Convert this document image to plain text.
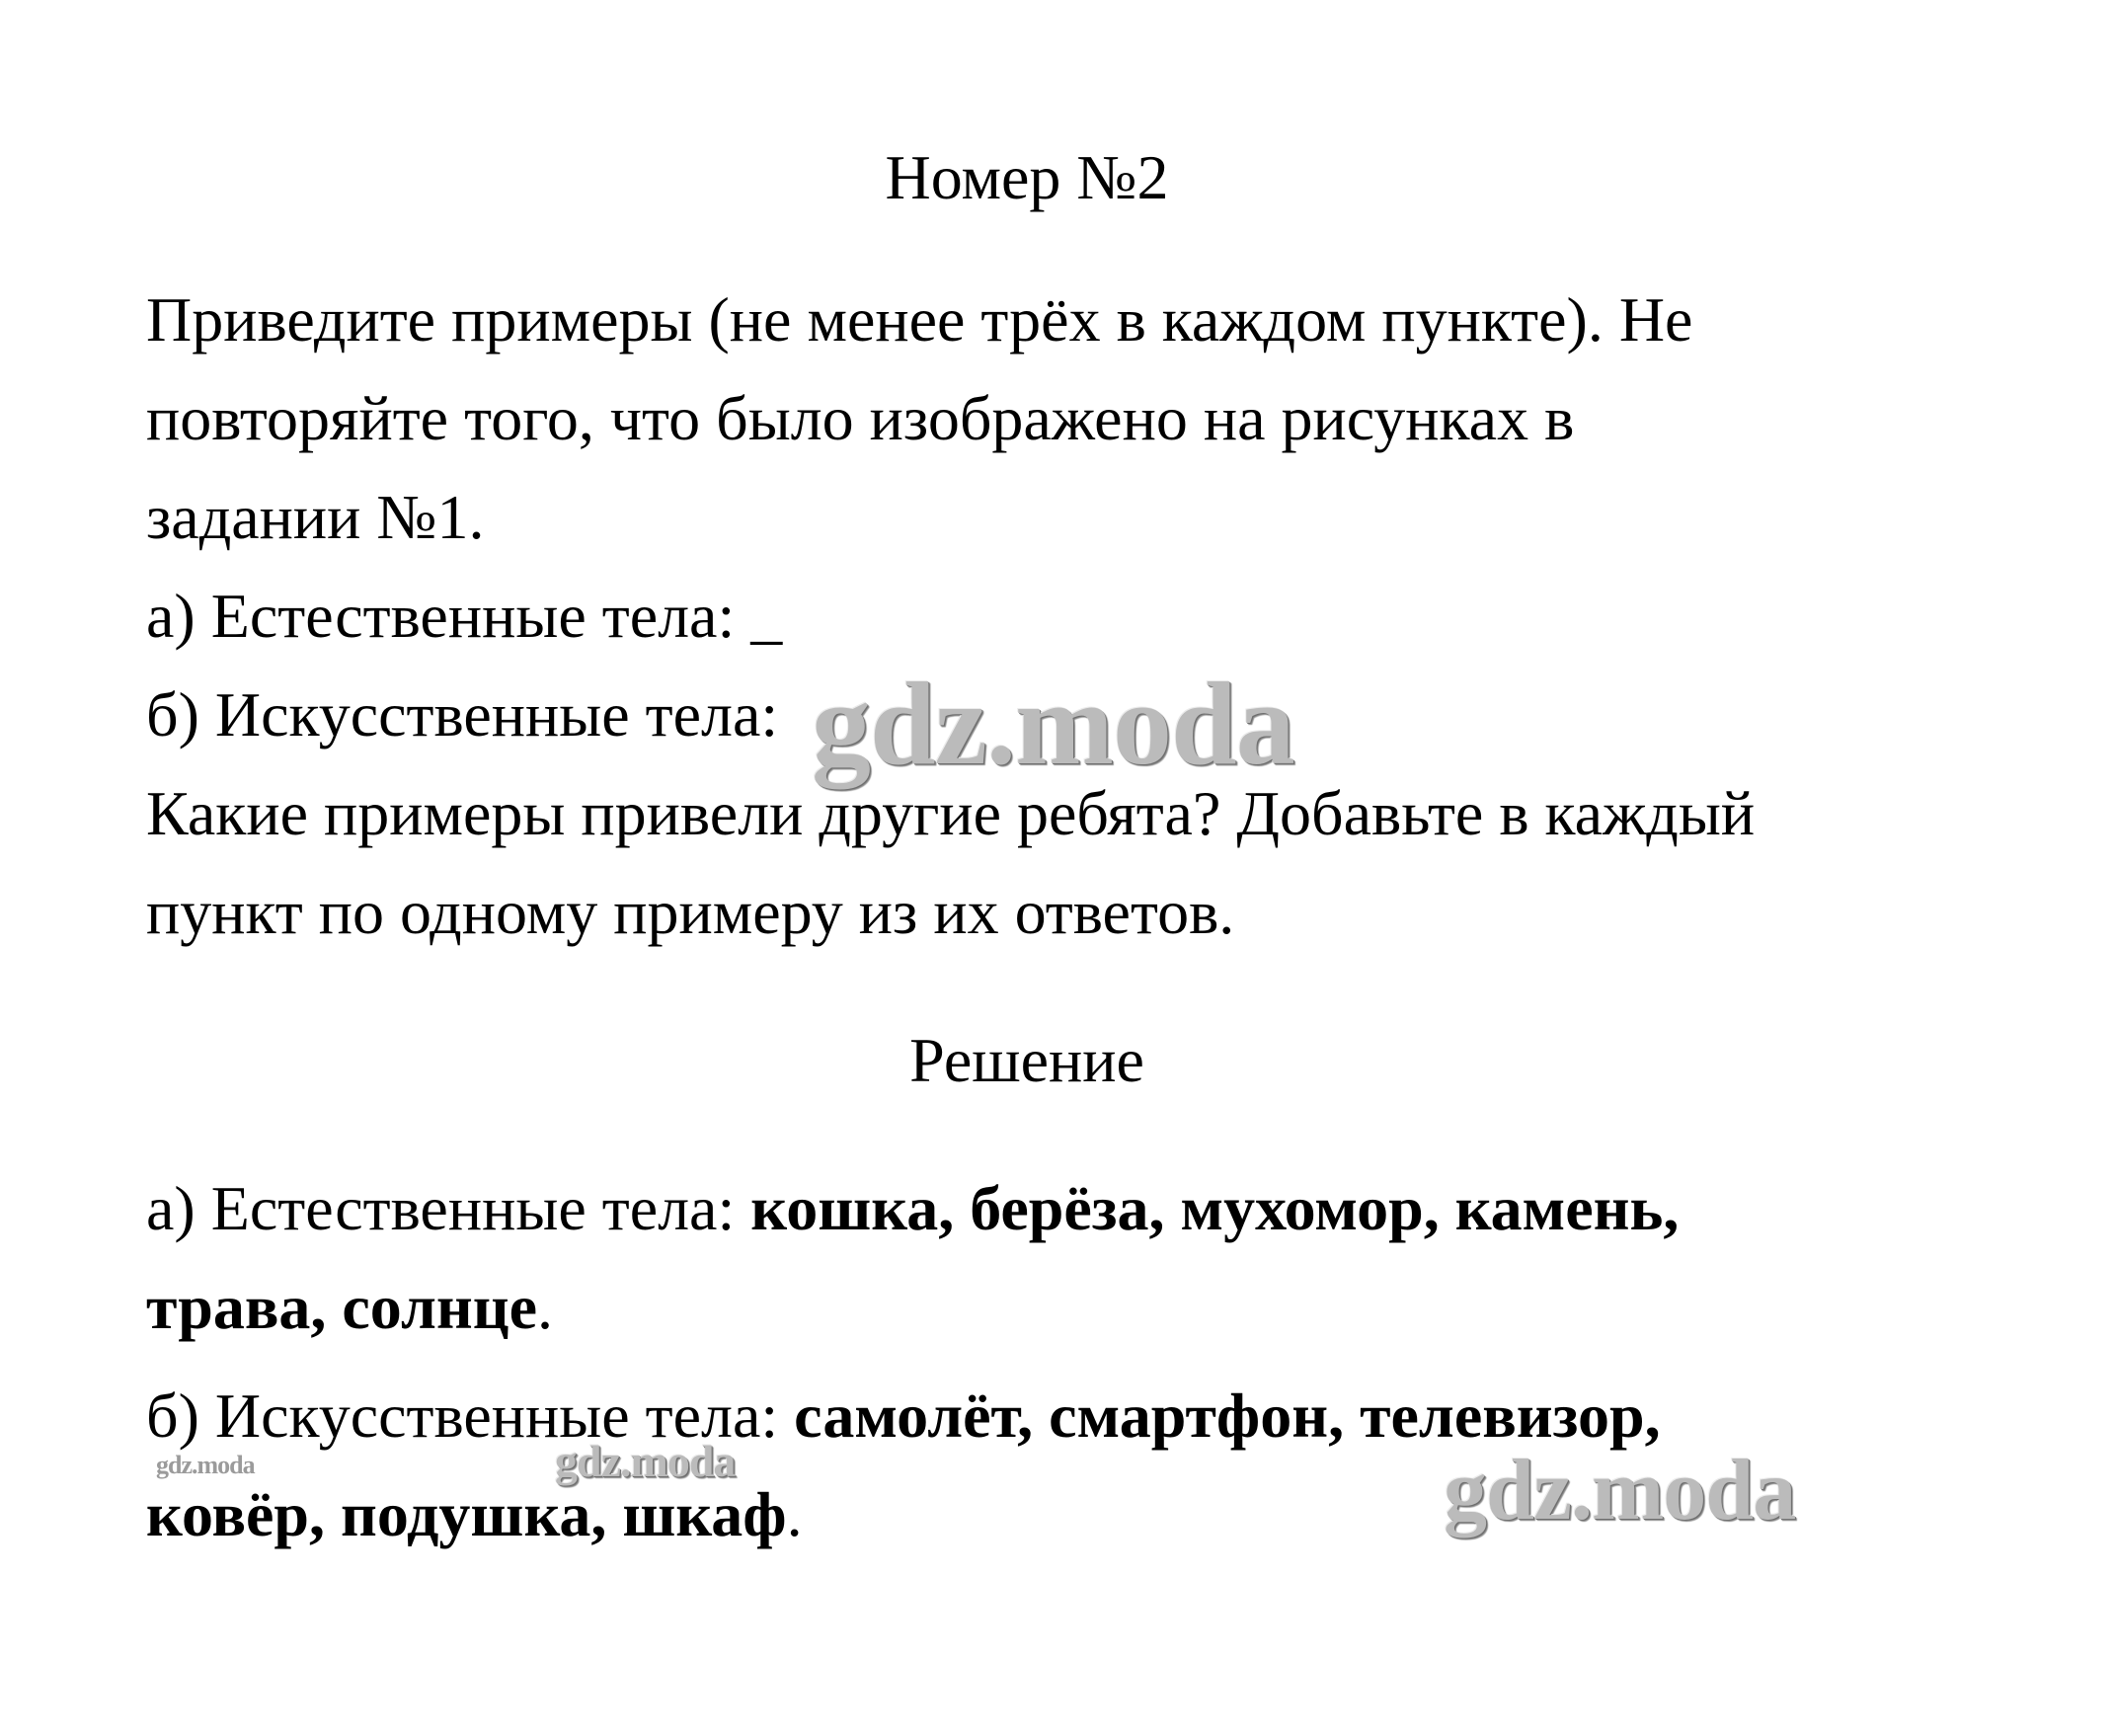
Номер №2
Приведите примеры (не менее трёх в каждом пункте). Не
повторяйте того, что было изображено на рисунках в
задании №1.
а) Естественные тела: _
б) Искусственные тела:
Какие примеры привели другие ребята? Добавьте в каждый
пункт по одному примеру из их ответов.
Решение
а) Естественные тела: кошка, берёза, мухомор, камень,
трава, солнце.
б) Искусственные тела: самолёт, смартфон, телевизор,
ковёр, подушка, шкаф.
gdz.moda
gdz.moda
gdz.moda
gdz.moda
